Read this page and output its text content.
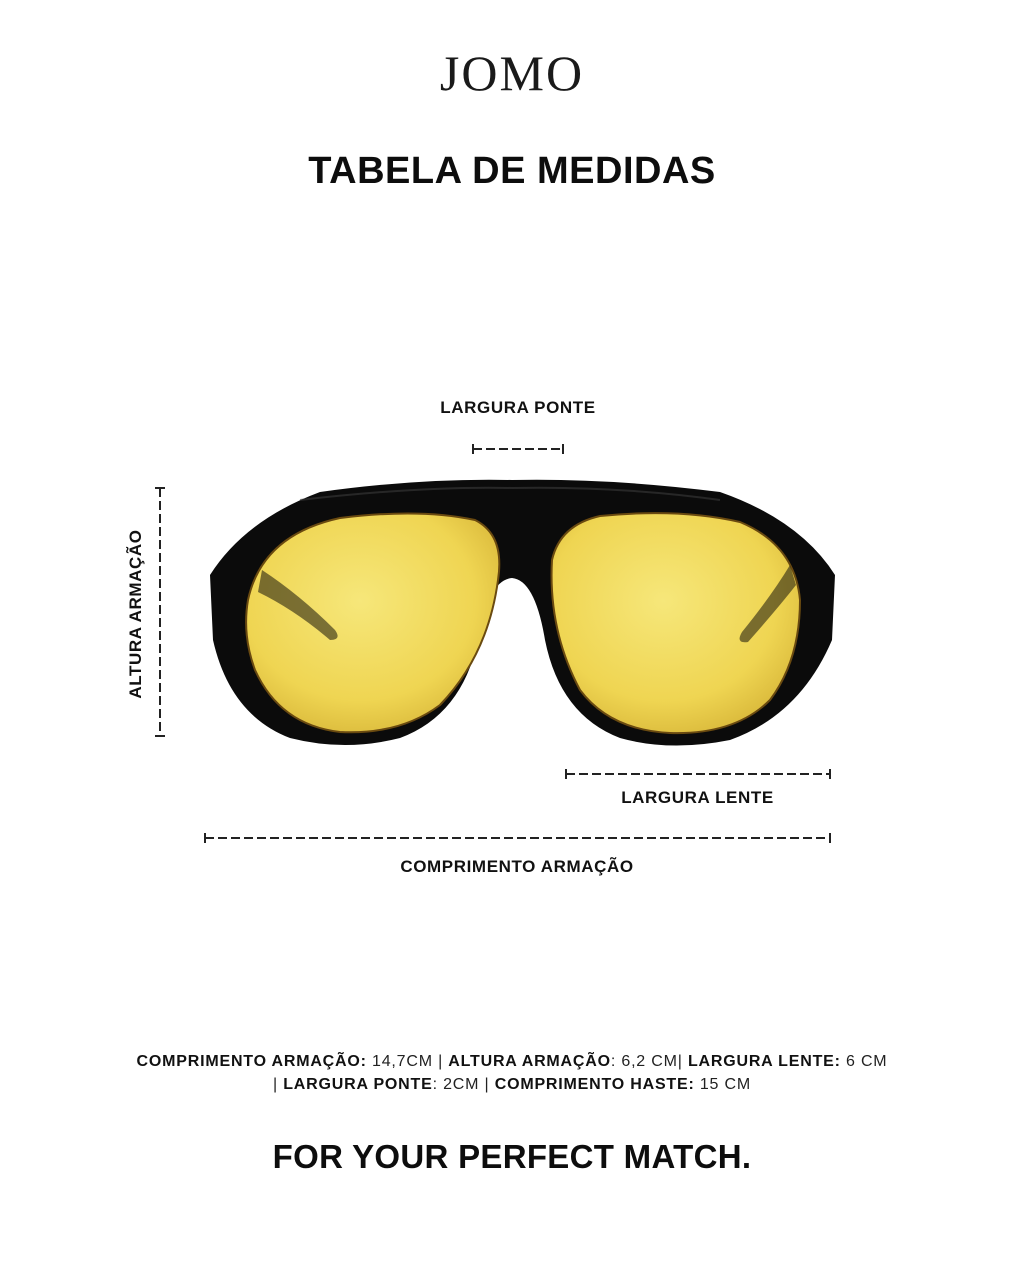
JOMO
TABELA DE MEDIDAS
LARGURA PONTE
ALTURA ARMAÇÃO
LARGURA LENTE
COMPRIMENTO ARMAÇÃO
COMPRIMENTO ARMAÇÃO: 14,7CM | ALTURA ARMAÇÃO: 6,2 CM| LARGURA LENTE: 6 CM
| LARGURA PONTE: 2CM | COMPRIMENTO HASTE: 15 CM
FOR YOUR PERFECT MATCH.
